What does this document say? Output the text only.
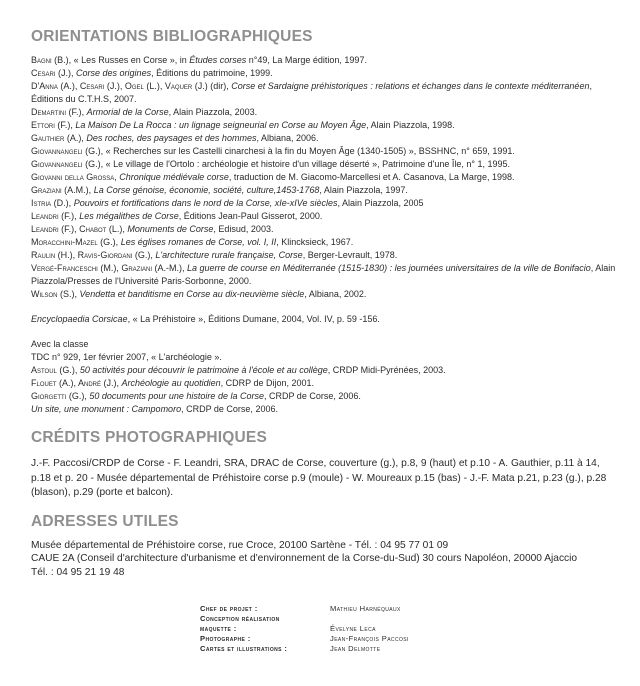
ORIENTATIONS BIBLIOGRAPHIQUES
Bagni (B.), « Les Russes en Corse », in Études corses n°49, La Marge édition, 1997.
Cesari (J.), Corse des origines, Éditions du patrimoine, 1999.
D'Anna (A.), Cesari (J.), Ogel (L.), Vaquer (J.) (dir), Corse et Sardaigne préhistoriques : relations et échanges dans le contexte méditerranéen, Éditions du C.T.H.S, 2007.
Demartini (F.), Armorial de la Corse, Alain Piazzola, 2003.
Ettori (F.), La Maison De La Rocca : un lignage seigneurial en Corse au Moyen Âge, Alain Piazzola, 1998.
Gauthier (A.), Des roches, des paysages et des hommes, Albiana, 2006.
Giovannangeli (G.), « Recherches sur les Castelli cinarchesi à la fin du Moyen Âge (1340-1505) », BSSHNC, n° 659, 1991.
Giovannangeli (G.), « Le village de l'Ortolo : archéologie et histoire d'un village déserté », Patrimoine d'une Île, n° 1, 1995.
Giovanni della Grossa, Chronique médiévale corse, traduction de M. Giacomo-Marcellesi et A. Casanova, La Marge, 1998.
Graziani (A.M.), La Corse génoise, économie, société, culture,1453-1768, Alain Piazzola, 1997.
Istria (D.), Pouvoirs et fortifications dans le nord de la Corse, xIe-xIVe siècles, Alain Piazzola, 2005
Leandri (F.), Les mégalithes de Corse, Éditions Jean-Paul Gisserot, 2000.
Leandri (F.), Chabot (L.), Monuments de Corse, Edisud, 2003.
Moracchini-Mazel (G.), Les églises romanes de Corse, vol. I, II, Klincksieck, 1967.
Raulin (H.), Ravis-Giordani (G.), L'architecture rurale française, Corse, Berger-Levrault, 1978.
Vergé-Franceschi (M.), Graziani (A.-M.), La guerre de course en Méditerranée (1515-1830) : les journées universitaires de la ville de Bonifacio, Alain Piazzola/Presses de l'Université Paris-Sorbonne, 2000.
Wilson (S.), Vendetta et banditisme en Corse au dix-neuvième siècle, Albiana, 2002.
Encyclopaedia Corsicae, « La Préhistoire », Éditions Dumane, 2004, Vol. IV, p. 59 -156.
Avec la classe
TDC n° 929, 1er février 2007, « L'archéologie ».
Astoul (G.), 50 activités pour découvrir le patrimoine à l'école et au collège, CRDP Midi-Pyrénées, 2003.
Flouet (A.), André (J.), Archéologie au quotidien, CDRP de Dijon, 2001.
Giorgetti (G.), 50 documents pour une histoire de la Corse, CRDP de Corse, 2006.
Un site, une monument : Campomoro, CRDP de Corse, 2006.
CRÉDITS PHOTOGRAPHIQUES
J.-F. Paccosi/CRDP de Corse - F. Leandri, SRA, DRAC de Corse, couverture (g.), p.8, 9 (haut) et p.10 - A. Gauthier, p.11 à 14, p.18 et p. 20 - Musée départemental de Préhistoire corse p.9 (moule) - W. Moureaux p.15 (bas) - J.-F. Mata p.21, p.23 (g.), p.28 (blason), p.29 (porte et balcon).
ADRESSES UTILES
Musée départemental de Préhistoire corse, rue Croce, 20100 Sartène - Tél. : 04 95 77 01 09
CAUE 2A (Conseil d'architecture d'urbanisme et d'environnement de la Corse-du-Sud) 30 cours Napoléon, 20000 Ajaccio
Tél. : 04 95 21 19 48
Chef de projet :	Mathieu Harnéquaux
Conception réalisation
maquette :	Évelyne Leca
Photographe :	Jean-François Paccosi
Cartes et illustrations :	Jean Delmotte
